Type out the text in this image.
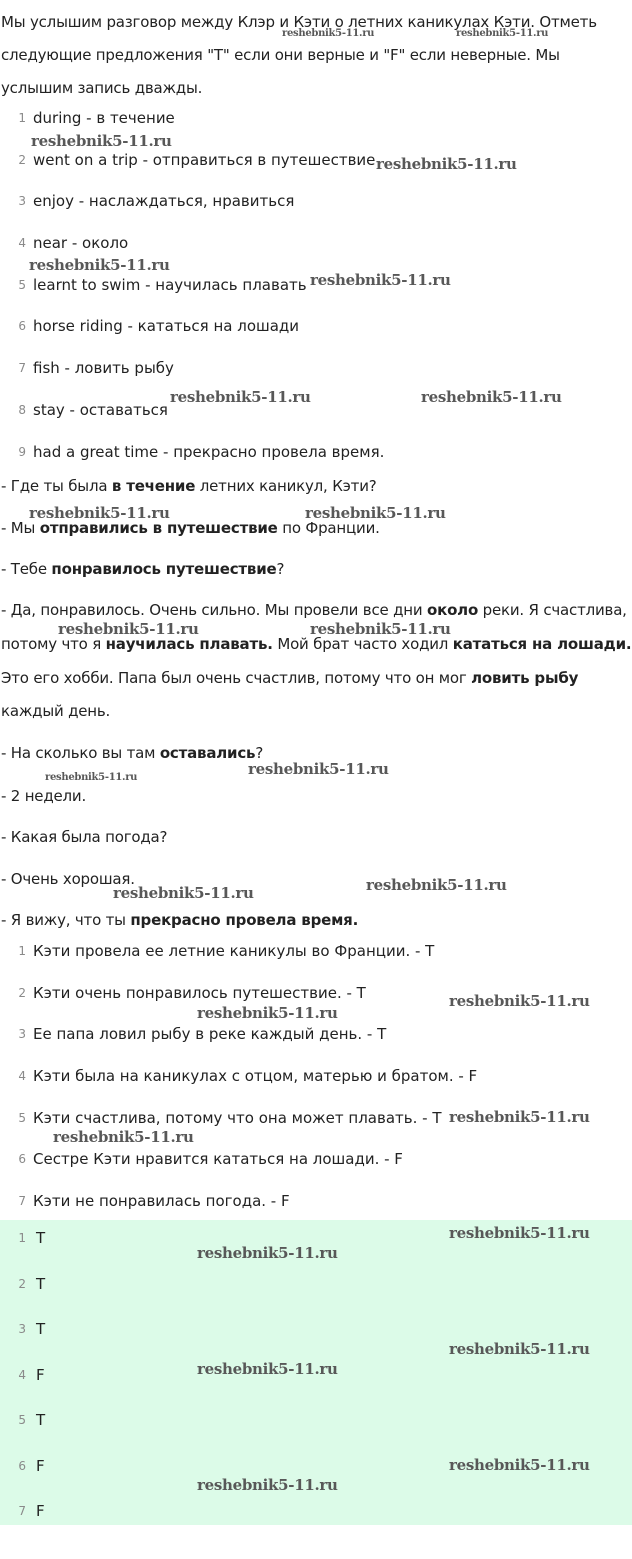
Мы услышим разговор между Клэр и Кэти о летних каникулах Кэти. Отметь следующие предложения "T" если они верные и "F" если неверные. Мы услышим запись дважды.
1 during - в течение
2 went on a trip - отправиться в путешествие
3 enjoy - наслаждаться, нравиться
4 near - около
5 learnt to swim - научилась плавать
6 horse riding - кататься на лошади
7 fish - ловить рыбу
8 stay - оставаться
9 had a great time - прекрасно провела время.
- Где ты была в течение летних каникул, Кэти?
- Мы отправились в путешествие по Франции.
- Тебе понравилось путешествие?
- Да, понравилось. Очень сильно. Мы провели все дни около реки. Я счастлива,
потому что я научилась плавать. Мой брат часто ходил кататься на лошади.
Это его хобби. Папа был очень счастлив, потому что он мог ловить рыбу
каждый день.
- На сколько вы там оставались?
- 2 недели.
- Какая была погода?
- Очень хорошая.
- Я вижу, что ты прекрасно провела время.
1 Кэти провела ее летние каникулы во Франции. - T
2 Кэти очень понравилось путешествие. - T
3 Ее папа ловил рыбу в реке каждый день. - T
4 Кэти была на каникулах с отцом, матерью и братом. - F
5 Кэти счастлива, потому что она может плавать. - T
6 Сестре Кэти нравится кататься на лошади. - F
7 Кэти не понравилась погода. - F
1 T
2 T
3 T
4 F
5 T
6 F
7 F
reshebnik5-11.ru	reshebnik5-11.ru
reshebnik5-11.ru
reshebnik5-11.ru
reshebnik5-11.ru
reshebnik5-11.ru
reshebnik5-11.ru	reshebnik5-11.ru
reshebnik5-11.ru	reshebnik5-11.ru
reshebnik5-11.ru	reshebnik5-11.ru
reshebnik5-11.ru	reshebnik5-11.ru
reshebnik5-11.ru	reshebnik5-11.ru
reshebnik5-11.ru
reshebnik5-11.ru
reshebnik5-11.ru
reshebnik5-11.ru
reshebnik5-11.ru
reshebnik5-11.ru
reshebnik5-11.ru
reshebnik5-11.ru
reshebnik5-11.ru
reshebnik5-11.ru
